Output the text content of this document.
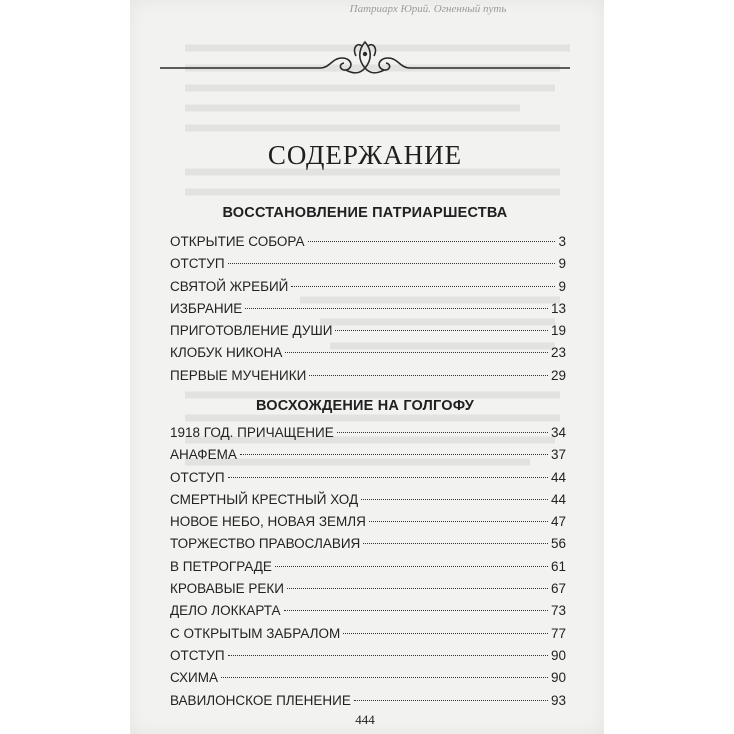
Патриарх Юрий. Огненный путь
СОДЕРЖАНИЕ
ВОССТАНОВЛЕНИЕ ПАТРИАРШЕСТВА
ОТКРЫТИЕ СОБОРА	3
ОТСТУП	9
СВЯТОЙ ЖРЕБИЙ	9
ИЗБРАНИЕ	13
ПРИГОТОВЛЕНИЕ ДУШИ	19
КЛОБУК НИКОНА	23
ПЕРВЫЕ МУЧЕНИКИ	29
ВОСХОЖДЕНИЕ НА ГОЛГОФУ
1918 ГОД. ПРИЧАЩЕНИЕ	34
АНАФЕМА	37
ОТСТУП	44
СМЕРТНЫЙ КРЕСТНЫЙ ХОД	44
НОВОЕ НЕБО, НОВАЯ ЗЕМЛЯ	47
ТОРЖЕСТВО ПРАВОСЛАВИЯ	56
В ПЕТРОГРАДЕ	61
КРОВАВЫЕ РЕКИ	67
ДЕЛО ЛОККАРТА	73
С ОТКРЫТЫМ ЗАБРАЛОМ	77
ОТСТУП	90
СХИМА	90
ВАВИЛОНСКОЕ ПЛЕНЕНИЕ	93
444
